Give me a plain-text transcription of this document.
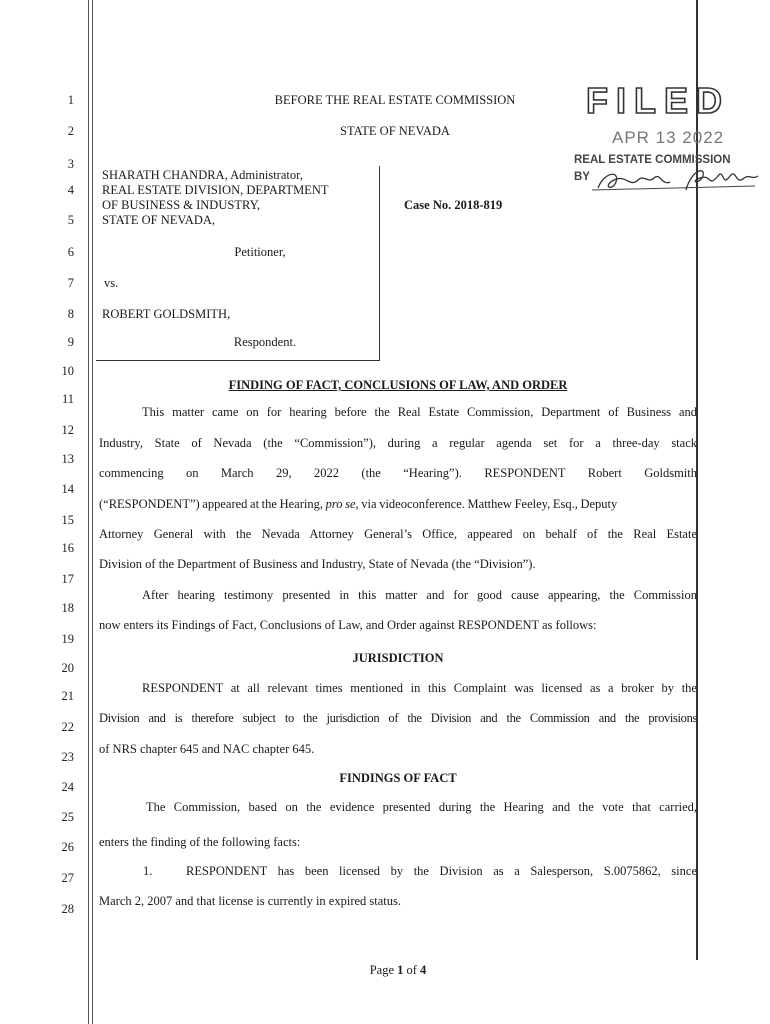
1
2
3
4
5
6
7
8
9
10
11
12
13
14
15
16
17
18
19
20
21
22
23
24
25
26
27
28
BEFORE THE REAL ESTATE COMMISSION
STATE OF NEVADA
FILED
APR 13 2022
REAL ESTATE COMMISSION
BY
SHARATH CHANDRA, Administrator,
REAL ESTATE DIVISION, DEPARTMENT
OF BUSINESS & INDUSTRY,
STATE OF NEVADA,
Petitioner,
vs.
ROBERT GOLDSMITH,
Respondent.
Case No. 2018-819
FINDING OF FACT, CONCLUSIONS OF LAW, AND ORDER
This matter came on for hearing before the Real Estate Commission, Department of Business and
Industry, State of Nevada (the “Commission”), during a regular agenda set for a three-day stack
commencing on March 29, 2022 (the “Hearing”). RESPONDENT Robert Goldsmith
(“RESPONDENT”) appeared at the Hearing, pro se, via videoconference. Matthew Feeley, Esq., Deputy
Attorney General with the Nevada Attorney General’s Office, appeared on behalf of the Real Estate
Division of the Department of Business and Industry, State of Nevada (the “Division”).
After hearing testimony presented in this matter and for good cause appearing, the Commission
now enters its Findings of Fact, Conclusions of Law, and Order against RESPONDENT as follows:
JURISDICTION
RESPONDENT at all relevant times mentioned in this Complaint was licensed as a broker by the
Division and is therefore subject to the jurisdiction of the Division and the Commission and the provisions
of NRS chapter 645 and NAC chapter 645.
FINDINGS OF FACT
The Commission, based on the evidence presented during the Hearing and the vote that carried,
enters the finding of the following facts:
1.	RESPONDENT has been licensed by the Division as a Salesperson, S.0075862, since
March 2, 2007 and that license is currently in expired status.
Page 1 of 4
